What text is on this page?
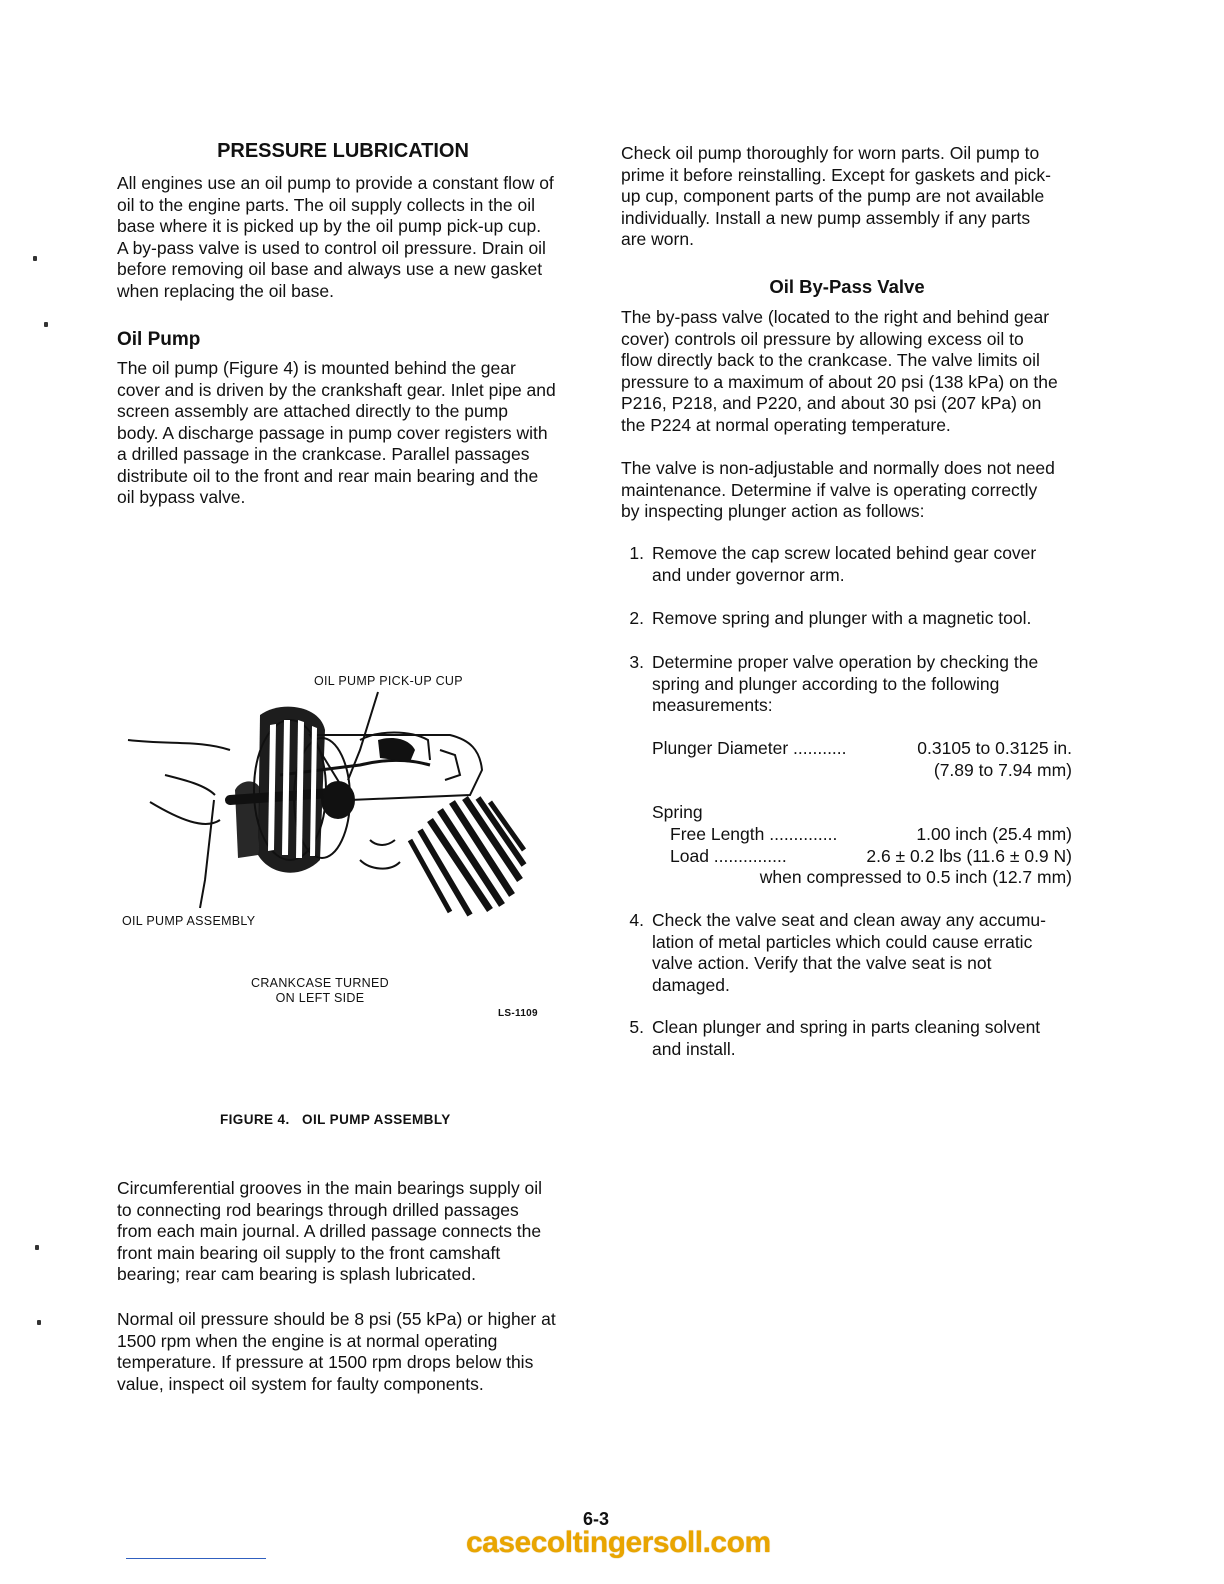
PRESSURE LUBRICATION
All engines use an oil pump to provide a constant flow of
oil to the engine parts. The oil supply collects in the oil
base where it is picked up by the oil pump pick-up cup.
A by-pass valve is used to control oil pressure. Drain oil
before removing oil base and always use a new gasket
when replacing the oil base.
Oil Pump
The oil pump (Figure 4) is mounted behind the gear
cover and is driven by the crankshaft gear. Inlet pipe and
screen assembly are attached directly to the pump
body. A discharge passage in pump cover registers with
a drilled passage in the crankcase. Parallel passages
distribute oil to the front and rear main bearing and the
oil bypass valve.
OIL PUMP PICK-UP CUP
OIL PUMP ASSEMBLY
CRANKCASE TURNED
ON LEFT SIDE
LS-1109
FIGURE 4.   OIL PUMP ASSEMBLY
Circumferential grooves in the main bearings supply oil
to connecting rod bearings through drilled passages
from each main journal. A drilled passage connects the
front main bearing oil supply to the front camshaft
bearing; rear cam bearing is splash lubricated.
Normal oil pressure should be 8 psi (55 kPa) or higher at
1500 rpm when the engine is at normal operating
temperature. If pressure at 1500 rpm drops below this
value, inspect oil system for faulty components.
Check oil pump thoroughly for worn parts. Oil pump to
prime it before reinstalling. Except for gaskets and pick-
up cup, component parts of the pump are not available
individually. Install a new pump assembly if any parts
are worn.
Oil By-Pass Valve
The by-pass valve (located to the right and behind gear
cover) controls oil pressure by allowing excess oil to
flow directly back to the crankcase. The valve limits oil
pressure to a maximum of about 20 psi (138 kPa) on the
P216, P218, and P220, and about 30 psi (207 kPa) on
the P224 at normal operating temperature.
The valve is non-adjustable and normally does not need
maintenance. Determine if valve is operating correctly
by inspecting plunger action as follows:
1. Remove the cap screw located behind gear cover
and under governor arm.
2. Remove spring and plunger with a magnetic tool.
3. Determine proper valve operation by checking the
spring and plunger according to the following
measurements:
Plunger Diameter ...........	0.3105 to 0.3125 in.
(7.89 to 7.94 mm)
Spring
Free Length ..............	1.00 inch (25.4 mm)
Load ...............	2.6 ± 0.2 lbs (11.6 ± 0.9 N)
when compressed to 0.5 inch (12.7 mm)
4. Check the valve seat and clean away any accumu-
lation of metal particles which could cause erratic
valve action. Verify that the valve seat is not
damaged.
5. Clean plunger and spring in parts cleaning solvent
and install.
6-3
casecoltingersoll.com
